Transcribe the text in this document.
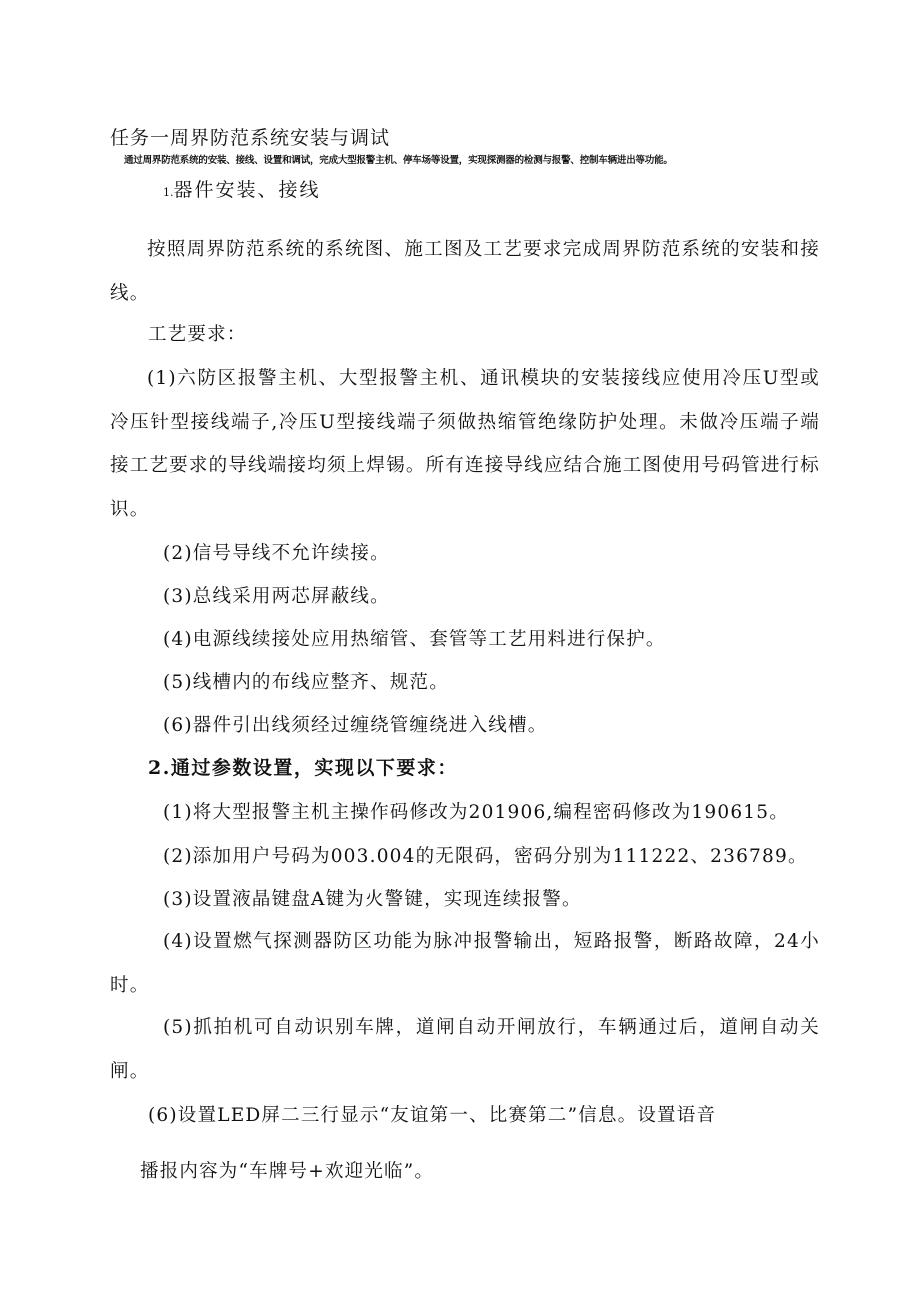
任务一周界防范系统安装与调试
通过周界防范系统的安装、接线、设置和调试，完成大型报警主机、停车场等设置，实现探测器的检测与报警、控制车辆进出等功能。
1.器件安装、接线

按照周界防范系统的系统图、施工图及工艺要求完成周界防范系统的安装和接线。

工艺要求：

(1)六防区报警主机、大型报警主机、通讯模块的安装接线应使用冷压U型或冷压针型接线端子,冷压U型接线端子须做热缩管绝缘防护处理。未做冷压端子端接工艺要求的导线端接均须上焊锡。所有连接导线应结合施工图使用号码管进行标识。

(2)信号导线不允许续接。
(3)总线采用两芯屏蔽线。
(4)电源线续接处应用热缩管、套管等工艺用料进行保护。
(5)线槽内的布线应整齐、规范。
(6)器件引出线须经过缠绕管缠绕进入线槽。
2.通过参数设置，实现以下要求：
(1)将大型报警主机主操作码修改为201906,编程密码修改为190615。
(2)添加用户号码为003.004的无限码，密码分别为111222、236789。
(3)设置液晶键盘A键为火警键，实现连续报警。

(4)设置燃气探测器防区功能为脉冲报警输出，短路报警，断路故障，24小时。

(5)抓拍机可自动识别车牌，道闸自动开闸放行，车辆通过后，道闸自动关闸。

(6)设置LED屏二三行显示“友谊第一、比赛第二”信息。设置语音
播报内容为“车牌号+欢迎光临”。
